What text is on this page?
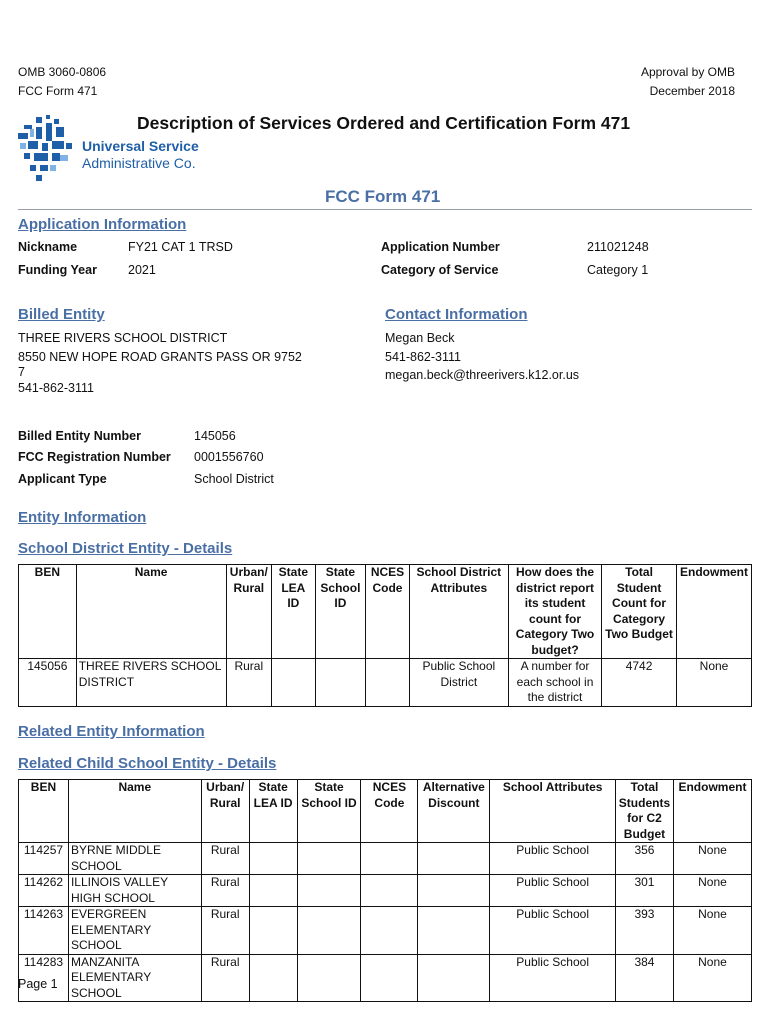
OMB 3060-0806
FCC Form 471
Approval by OMB
December 2018
Universal Service
Administrative Co.
Description of Services Ordered and Certification Form 471
FCC Form 471
Application Information
Nickname	FY21 CAT 1 TRSD	Application Number	211021248
Funding Year 2021	Category of Service	Category 1
Billed Entity
THREE RIVERS SCHOOL DISTRICT
8550 NEW HOPE ROAD GRANTS PASS OR 9752
7
541-862-3111
Contact Information
Megan Beck
541-862-3111
megan.beck@threerivers.k12.or.us
Billed Entity Number	145056
FCC Registration Number 0001556760
Applicant Type	School District
Entity Information
School District Entity - Details
BEN	Name	Urban/ Rural	State LEA ID	State School ID	NCES Code	School District Attributes	How does the district report its student count for Category Two budget?	Total Student Count for Category Two Budget	Endowment
145056	THREE RIVERS SCHOOL DISTRICT	Rural				Public School District	A number for each school in the district	4742	None
Related Entity Information
Related Child School Entity - Details
BEN	Name	Urban/ Rural	State LEA ID	State School ID	NCES Code	Alternative Discount	School Attributes	Total Students for C2 Budget	Endowment
114257	BYRNE MIDDLE SCHOOL	Rural					Public School	356	None
114262	ILLINOIS VALLEY HIGH SCHOOL	Rural					Public School	301	None
114263	EVERGREEN ELEMENTARY SCHOOL	Rural					Public School	393	None
114283	MANZANITA ELEMENTARY SCHOOL	Rural					Public School	384	None
Page 1
